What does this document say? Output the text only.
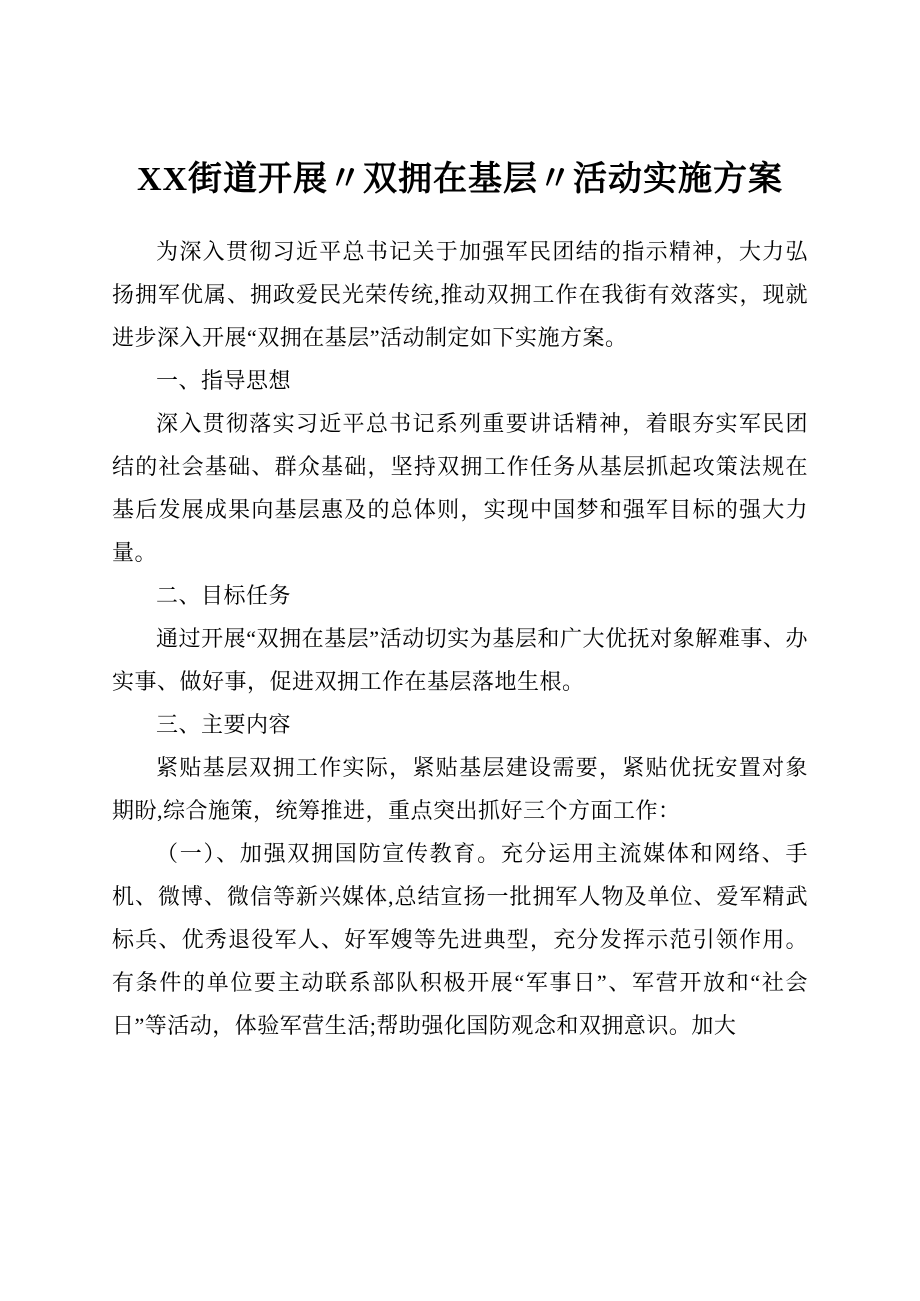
XX街道开展〃双拥在基层〃活动实施方案

为深入贯彻习近平总书记关于加强军民团结的指示精神，大力弘扬拥军优属、拥政爱民光荣传统,推动双拥工作在我街有效落实，现就进步深入开展“双拥在基层”活动制定如下实施方案。

一、指导思想

深入贯彻落实习近平总书记系列重要讲话精神，着眼夯实军民团结的社会基础、群众基础，坚持双拥工作任务从基层抓起攻策法规在基后发展成果向基层惠及的总体则，实现中国梦和强军目标的强大力量。

二、目标任务

通过开展“双拥在基层”活动切实为基层和广大优抚对象解难事、办实事、做好事，促进双拥工作在基层落地生根。

三、主要内容

紧贴基层双拥工作实际，紧贴基层建设需要，紧贴优抚安置对象期盼,综合施策，统筹推进，重点突出抓好三个方面工作：

（一）、加强双拥国防宣传教育。充分运用主流媒体和网络、手机、微博、微信等新兴媒体,总结宣扬一批拥军人物及单位、爱军精武标兵、优秀退役军人、好军嫂等先进典型，充分发挥示范引领作用。有条件的单位要主动联系部队积极开展“军事日”、军营开放和“社会日”等活动，体验军营生活;帮助强化国防观念和双拥意识。加大
